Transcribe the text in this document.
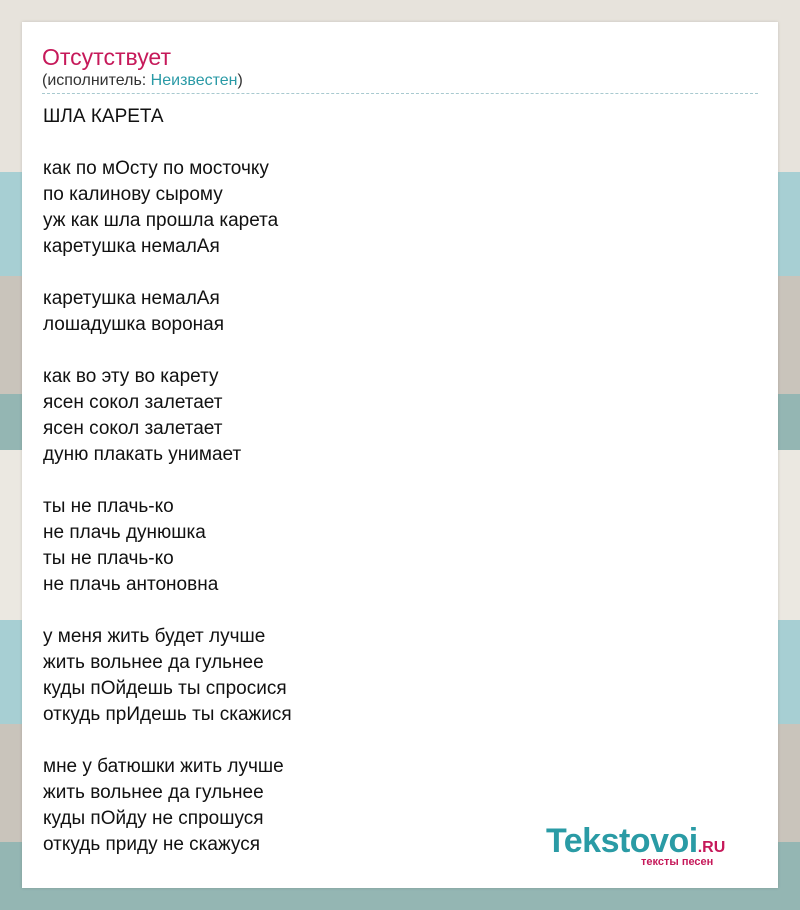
Отсутствует
(исполнитель: Неизвестен)
ШЛА КАРЕТА

как по мОсту по мосточку
по калинову сырому
уж как шла прошла карета
каретушка немалАя

каретушка немалАя
лошадушка вороная

как во эту во карету
ясен сокол залетает
ясен сокол залетает
дуню плакать унимает

ты не плачь-ко
не плачь дунюшка
ты не плачь-ко
не плачь антоновна

у меня жить будет лучше
жить вольнее да гульнее
куды пОйдешь ты спросися
откудь прИдешь ты скажися

мне у батюшки жить лучше
жить вольнее да гульнее
куды пОйду не спрошуся
откудь приду не скажуся	Tekstovoi.RU
тексты песен
